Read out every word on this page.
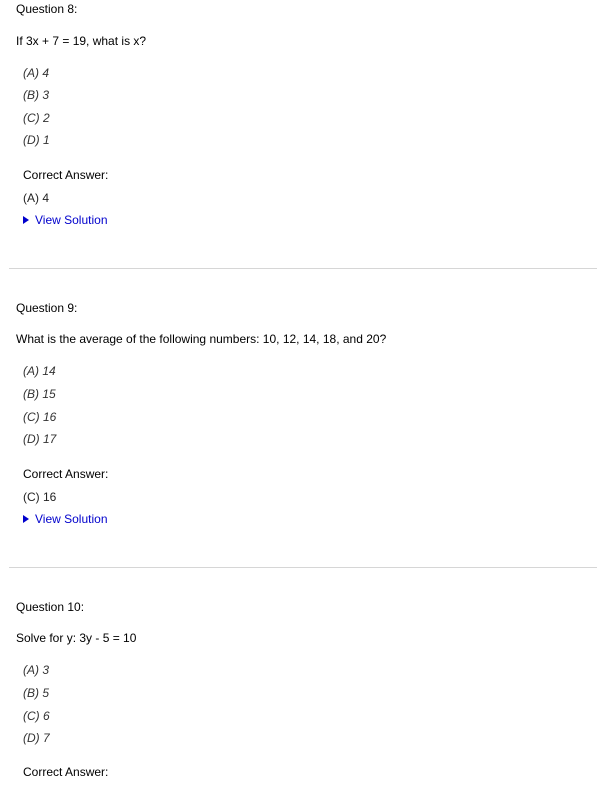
Question 8:
If 3x + 7 = 19, what is x?
(A) 4
(B) 3
(C) 2
(D) 1
Correct Answer:
(A) 4
View Solution
Question 9:
What is the average of the following numbers: 10, 12, 14, 18, and 20?
(A) 14
(B) 15
(C) 16
(D) 17
Correct Answer:
(C) 16
View Solution
Question 10:
Solve for y: 3y - 5 = 10
(A) 3
(B) 5
(C) 6
(D) 7
Correct Answer:
